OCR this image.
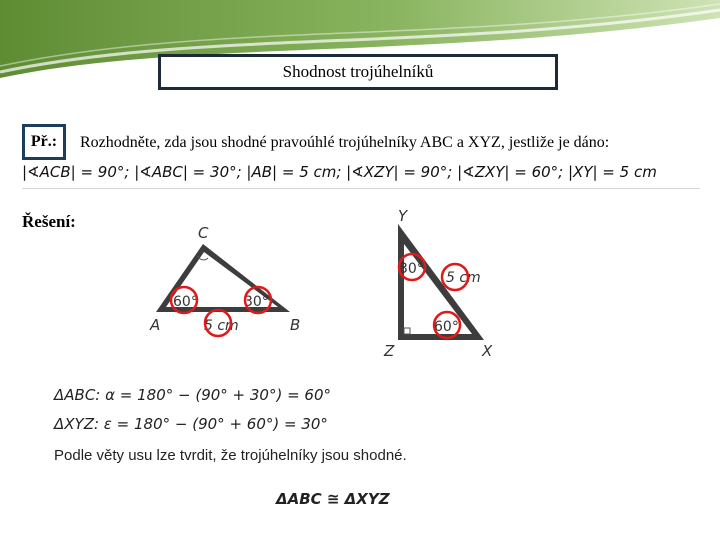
Shodnost trojúhelníků
Př.:	Rozhodněte, zda jsou shodné pravoúhlé trojúhelníky ABC a XYZ, jestliže je dáno:
|∢ACB| = 90°; |∢ABC| = 30°; |AB| = 5 cm; |∢XZY| = 90°; |∢ZXY| = 60°; |XY| = 5 cm
Řešení:
C
A	B
60°	30°
5 cm
Y
Z	X
30°
5 cm
60°
ΔABC: α = 180° − (90° + 30°) = 60°
ΔXYZ: ε = 180° − (90° + 60°) = 30°
Podle věty usu lze tvrdit, že trojúhelníky jsou shodné.
ΔABC ≅ ΔXYZ
